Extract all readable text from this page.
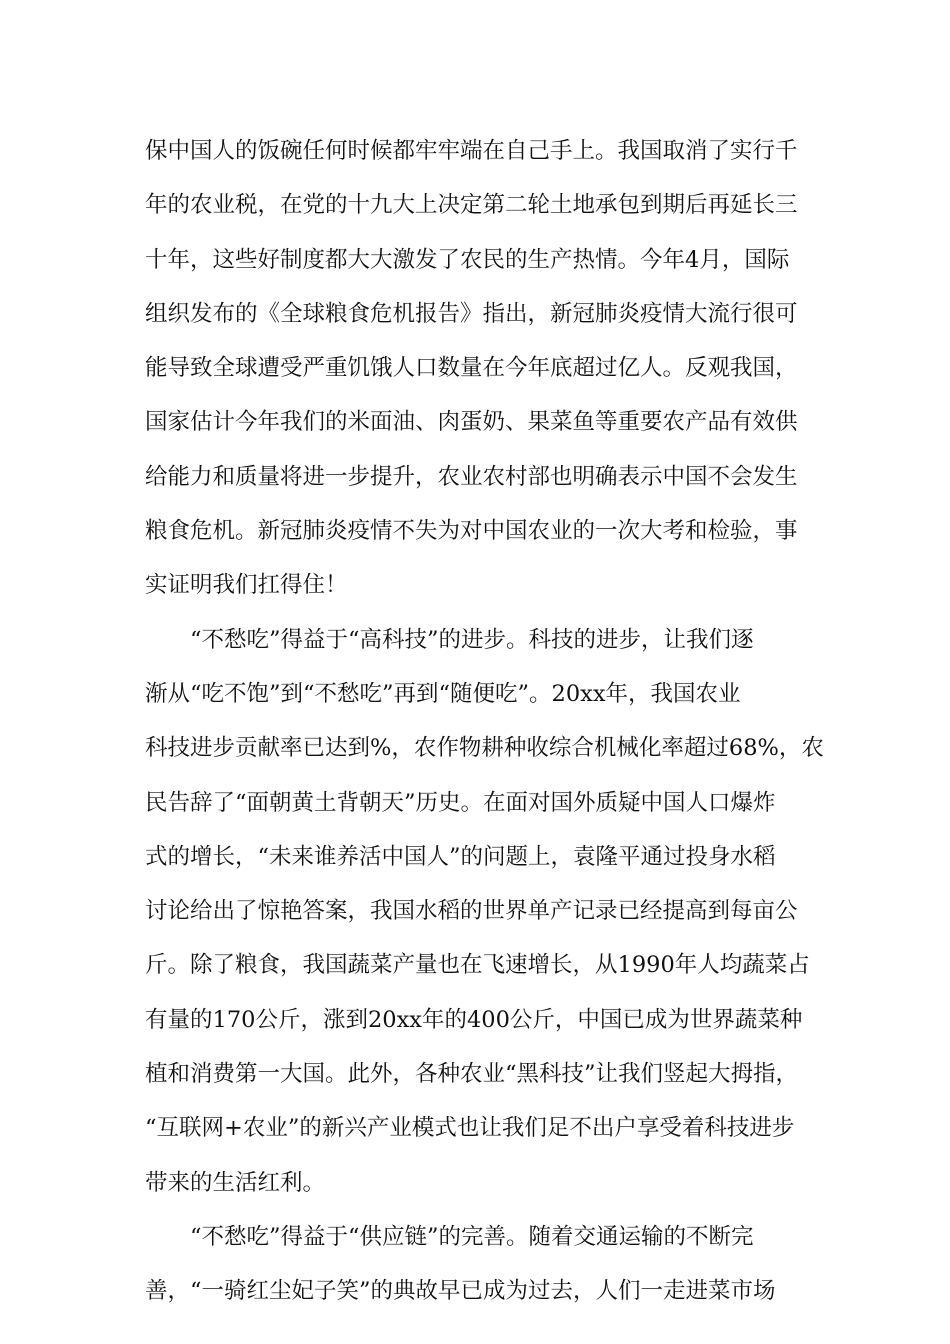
保中国人的饭碗任何时候都牢牢端在自己手上。我国取消了实行千
年的农业税，在党的十九大上决定第二轮土地承包到期后再延长三
十年，这些好制度都大大激发了农民的生产热情。今年4月，国际
组织发布的《全球粮食危机报告》指出，新冠肺炎疫情大流行很可
能导致全球遭受严重饥饿人口数量在今年底超过亿人。反观我国，
国家估计今年我们的米面油、肉蛋奶、果菜鱼等重要农产品有效供
给能力和质量将进一步提升，农业农村部也明确表示中国不会发生
粮食危机。新冠肺炎疫情不失为对中国农业的一次大考和检验，事
实证明我们扛得住！
　　“不愁吃”得益于“高科技”的进步。科技的进步，让我们逐
渐从“吃不饱”到“不愁吃”再到“随便吃”。20xx年，我国农业
科技进步贡献率已达到%，农作物耕种收综合机械化率超过68%，农
民告辞了“面朝黄土背朝天”历史。在面对国外质疑中国人口爆炸
式的增长，“未来谁养活中国人”的问题上，袁隆平通过投身水稻
讨论给出了惊艳答案，我国水稻的世界单产记录已经提高到每亩公
斤。除了粮食，我国蔬菜产量也在飞速增长，从1990年人均蔬菜占
有量的170公斤，涨到20xx年的400公斤，中国已成为世界蔬菜种
植和消费第一大国。此外，各种农业“黑科技”让我们竖起大拇指，
“互联网+农业”的新兴产业模式也让我们足不出户享受着科技进步
带来的生活红利。
　　“不愁吃”得益于“供应链”的完善。随着交通运输的不断完
善，“一骑红尘妃子笑”的典故早已成为过去，人们一走进菜市场
